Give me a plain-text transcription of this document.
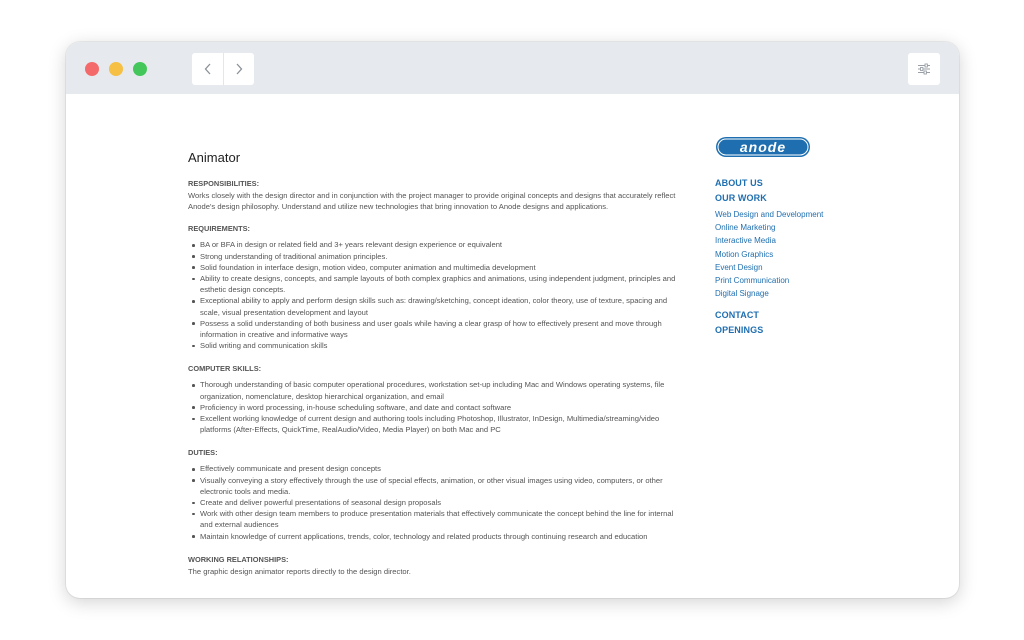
Animator
RESPONSIBILITIES:

Works closely with the design director and in conjunction with the project manager to provide original concepts and designs that accurately reflect Anode's design philosophy. Understand and utilize new technologies that bring innovation to Anode designs and applications.

REQUIREMENTS:
BA or BFA in design or related field and 3+ years relevant design experience or equivalent
Strong understanding of traditional animation principles.
Solid foundation in interface design, motion video, computer animation and multimedia development
Ability to create designs, concepts, and sample layouts of both complex graphics and animations, using independent judgment, principles and esthetic design concepts.
Exceptional ability to apply and perform design skills such as: drawing/sketching, concept ideation, color theory, use of texture, spacing and scale, visual presentation development and layout
Possess a solid understanding of both business and user goals while having a clear grasp of how to effectively present and move through information in creative and informative ways
Solid writing and communication skills
COMPUTER SKILLS:
Thorough understanding of basic computer operational procedures, workstation set-up including Mac and Windows operating systems, file organization, nomenclature, desktop hierarchical organization, and email
Proficiency in word processing, in-house scheduling software, and date and contact software
Excellent working knowledge of current design and authoring tools including Photoshop, Illustrator, InDesign, Multimedia/streaming/video platforms (After-Effects, QuickTime, RealAudio/Video, Media Player) on both Mac and PC
DUTIES:
Effectively communicate and present design concepts
Visually conveying a story effectively through the use of special effects, animation, or other visual images using video, computers, or other electronic tools and media.
Create and deliver powerful presentations of seasonal design proposals
Work with other design team members to produce presentation materials that effectively communicate the concept behind the line for internal and external audiences
Maintain knowledge of current applications, trends, color, technology and related products through continuing research and education
WORKING RELATIONSHIPS:

The graphic design animator reports directly to the design director.

anode
ABOUT US
OUR WORK
Web Design and Development
Online Marketing
Interactive Media
Motion Graphics
Event Design
Print Communication
Digital Signage
CONTACT
OPENINGS
